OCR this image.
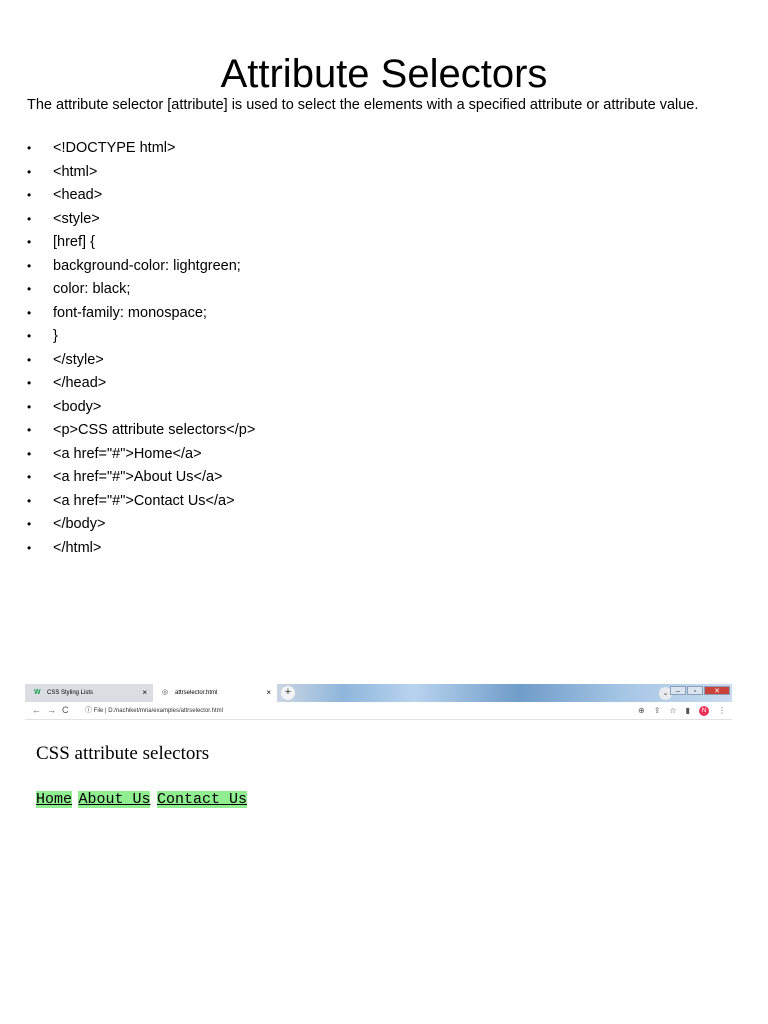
Attribute Selectors

The attribute selector [attribute] is used to select the elements with a specified attribute or attribute value.

• <!DOCTYPE html>
• <html>
• <head>
• <style>
• [href] {
• background-color: lightgreen;
• color: black;
• font-family: monospace;
• }
• </style>
• </head>
• <body>
• <p>CSS attribute selectors</p>
• <a href="#">Home</a>
• <a href="#">About Us</a>
• <a href="#">Contact Us</a>
• </body>
• </html>
W CSS Styling Lists	× ◎ attrselector.html	×	+	⌄	–	▫	✕
←→C ⓘ File | D:/nachiket/mna/examples/attrselector.html	⊕ ⇪ ☆ ▮	N	⋮

CSS attribute selectors

Home About Us Contact Us
